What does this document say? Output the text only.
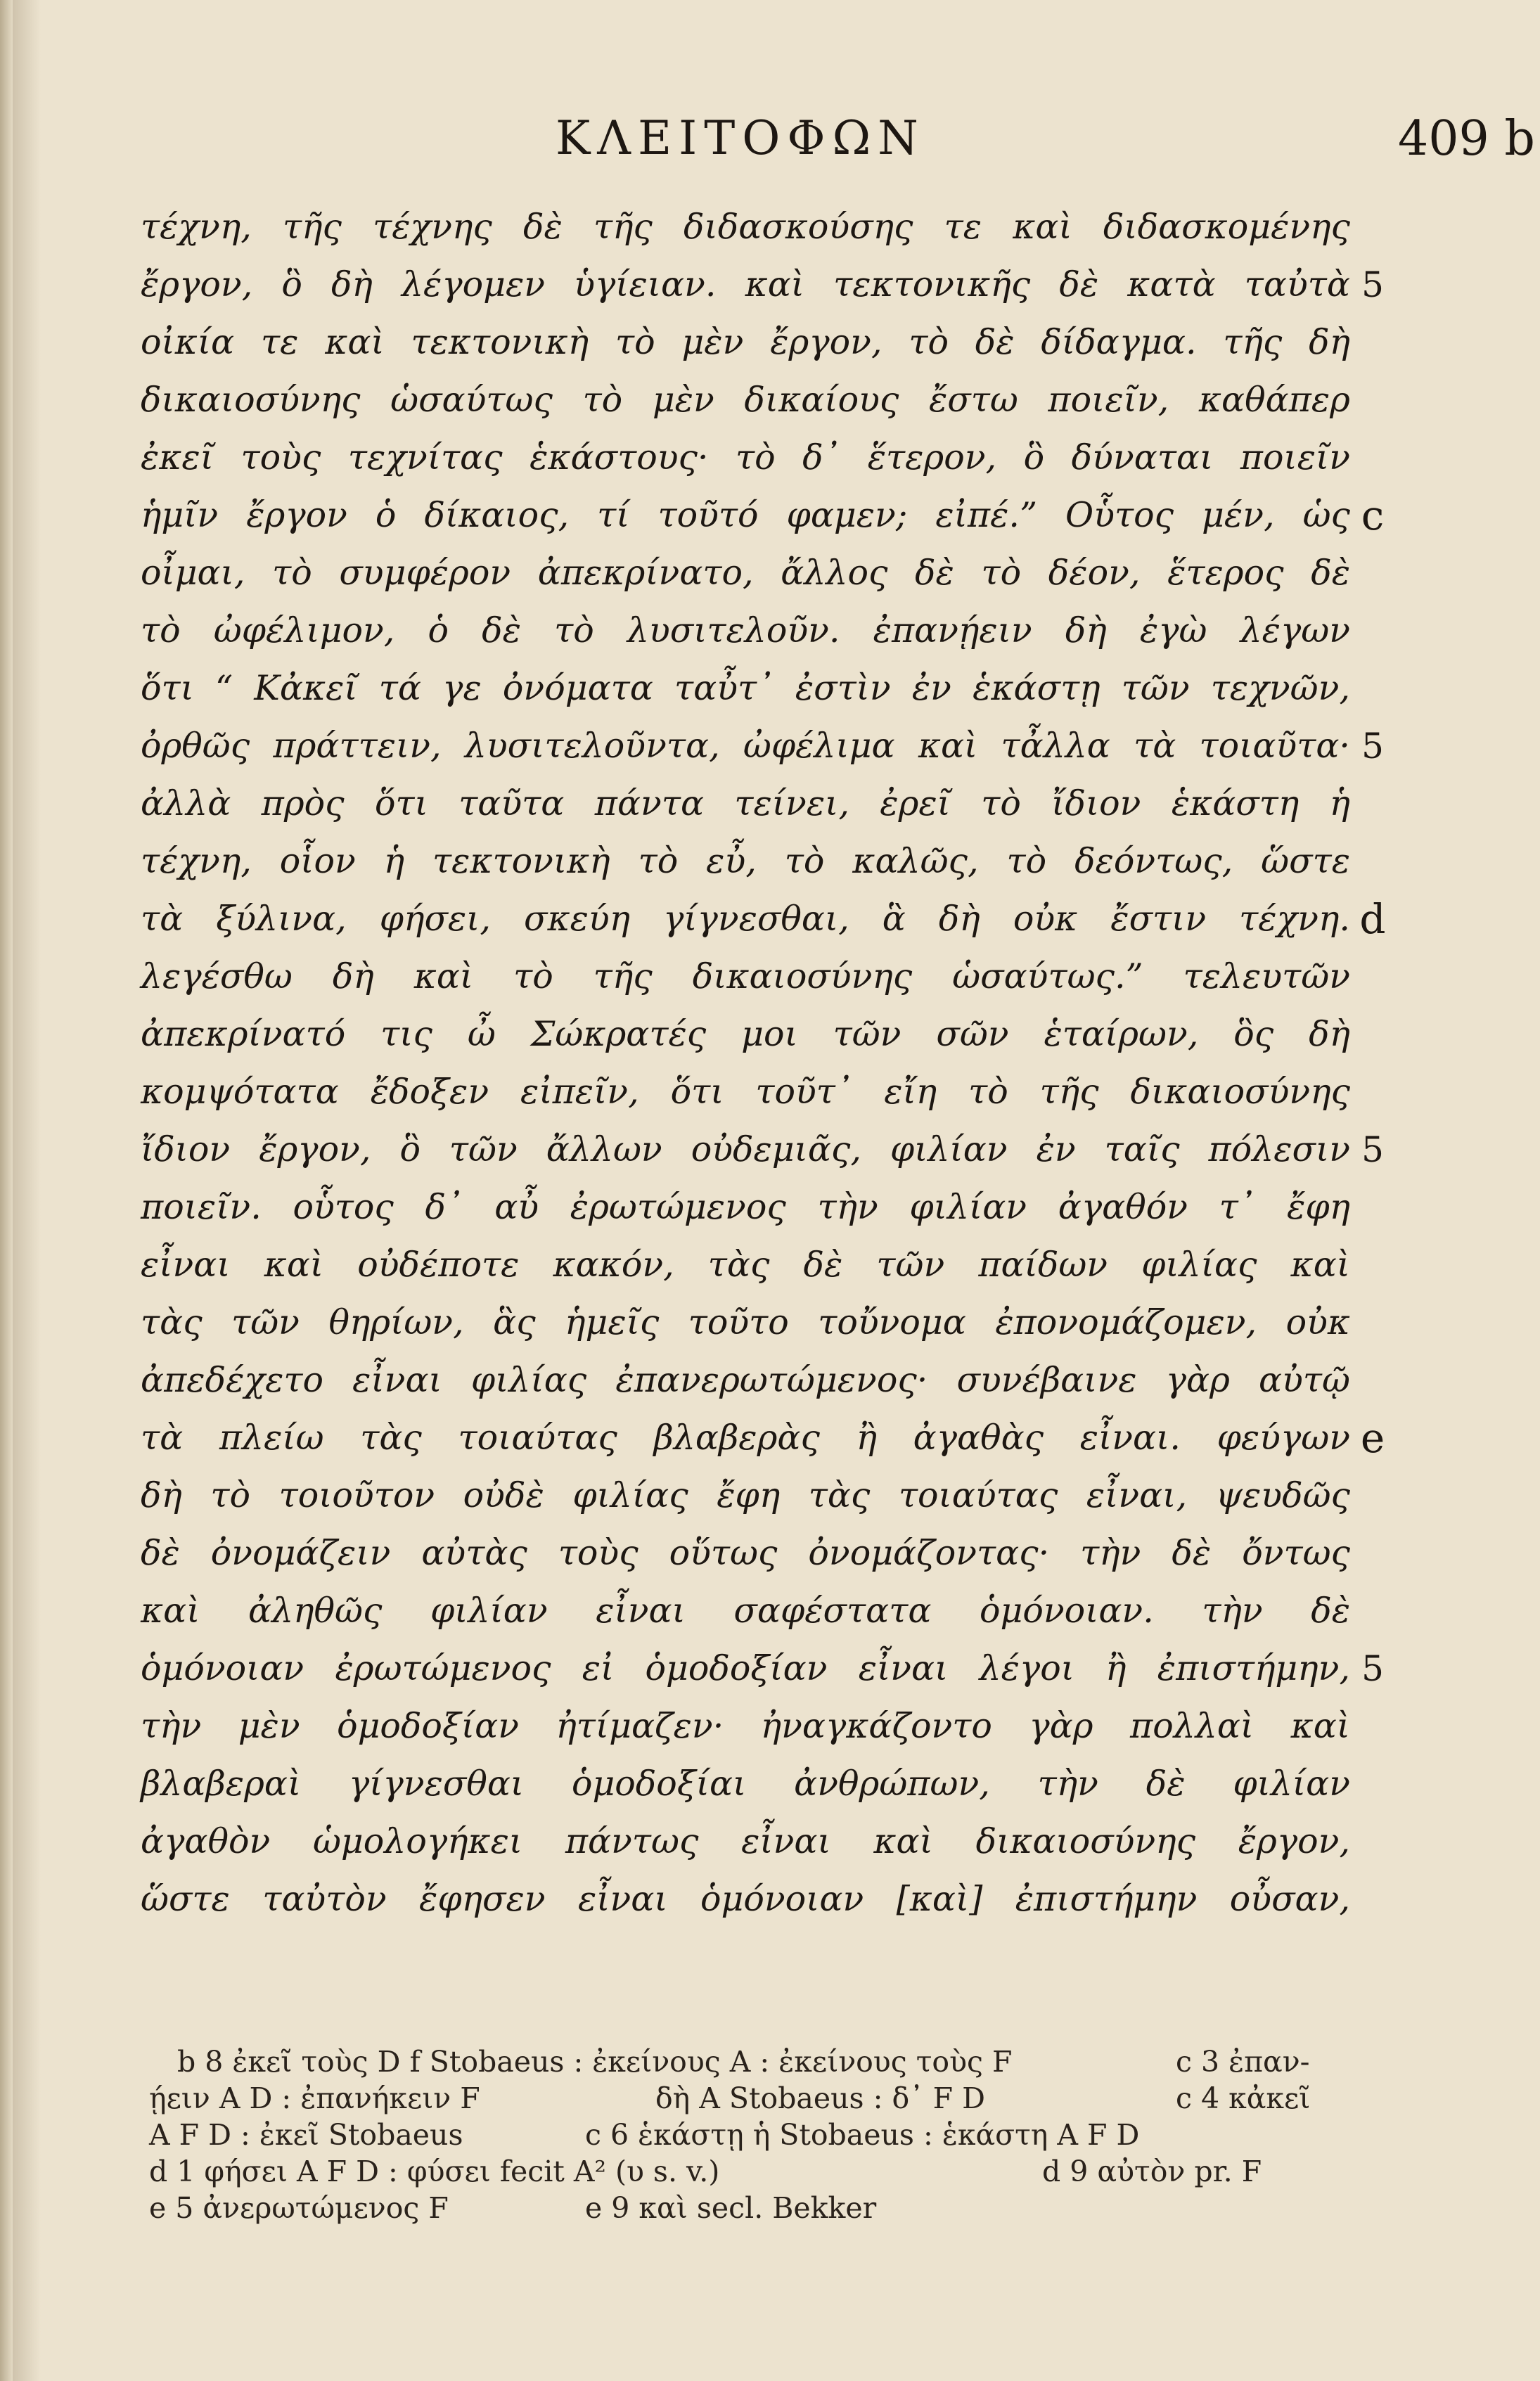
ΚΛΕΙΤΟΦΩΝ	409 b
τέχνη, τῆς τέχνης δὲ τῆς διδασκούσης τε καὶ διδασκομένης
ἔργον, ὃ δὴ λέγομεν ὑγίειαν. καὶ τεκτονικῆς δὲ κατὰ ταὐτὰ
οἰκία τε καὶ τεκτονικὴ τὸ μὲν ἔργον, τὸ δὲ δίδαγμα. τῆς δὴ
δικαιοσύνης ὡσαύτως τὸ μὲν δικαίους ἔστω ποιεῖν, καθάπερ
ἐκεῖ τοὺς τεχνίτας ἑκάστους· τὸ δ᾽ ἕτερον, ὃ δύναται ποιεῖν
ἡμῖν ἔργον ὁ δίκαιος, τί τοῦτό φαμεν; εἰπέ.” Οὗτος μέν, ὡς
οἶμαι, τὸ συμφέρον ἀπεκρίνατο, ἄλλος δὲ τὸ δέον, ἕτερος δὲ
τὸ ὠφέλιμον, ὁ δὲ τὸ λυσιτελοῦν. ἐπανῄειν δὴ ἐγὼ λέγων
ὅτι “ Κἀκεῖ τά γε ὀνόματα ταὖτ᾽ ἐστὶν ἐν ἑκάστῃ τῶν τεχνῶν,
ὀρθῶς πράττειν, λυσιτελοῦντα, ὠφέλιμα καὶ τἆλλα τὰ τοιαῦτα·
ἀλλὰ πρὸς ὅτι ταῦτα πάντα τείνει, ἐρεῖ τὸ ἴδιον ἑκάστη ἡ
τέχνη, οἷον ἡ τεκτονικὴ τὸ εὖ, τὸ καλῶς, τὸ δεόντως, ὥστε
τὰ ξύλινα, φήσει, σκεύη γίγνεσθαι, ἃ δὴ οὐκ ἔστιν τέχνη.
λεγέσθω δὴ καὶ τὸ τῆς δικαιοσύνης ὡσαύτως.” τελευτῶν
ἀπεκρίνατό τις ὦ Σώκρατές μοι τῶν σῶν ἑταίρων, ὃς δὴ
κομψότατα ἔδοξεν εἰπεῖν, ὅτι τοῦτ᾽ εἴη τὸ τῆς δικαιοσύνης
ἴδιον ἔργον, ὃ τῶν ἄλλων οὐδεμιᾶς, φιλίαν ἐν ταῖς πόλεσιν
ποιεῖν. οὗτος δ᾽ αὖ ἐρωτώμενος τὴν φιλίαν ἀγαθόν τ᾽ ἔφη
εἶναι καὶ οὐδέποτε κακόν, τὰς δὲ τῶν παίδων φιλίας καὶ
τὰς τῶν θηρίων, ἃς ἡμεῖς τοῦτο τοὔνομα ἐπονομάζομεν, οὐκ
ἀπεδέχετο εἶναι φιλίας ἐπανερωτώμενος· συνέβαινε γὰρ αὐτῷ
τὰ πλείω τὰς τοιαύτας βλαβερὰς ἢ ἀγαθὰς εἶναι. φεύγων
δὴ τὸ τοιοῦτον οὐδὲ φιλίας ἔφη τὰς τοιαύτας εἶναι, ψευδῶς
δὲ ὀνομάζειν αὐτὰς τοὺς οὕτως ὀνομάζοντας· τὴν δὲ ὄντως
καὶ ἀληθῶς φιλίαν εἶναι σαφέστατα ὁμόνοιαν. τὴν δὲ
ὁμόνοιαν ἐρωτώμενος εἰ ὁμοδοξίαν εἶναι λέγοι ἢ ἐπιστήμην,
τὴν μὲν ὁμοδοξίαν ἠτίμαζεν· ἠναγκάζοντο γὰρ πολλαὶ καὶ
βλαβεραὶ γίγνεσθαι ὁμοδοξίαι ἀνθρώπων, τὴν δὲ φιλίαν
ἀγαθὸν ὡμολογήκει πάντως εἶναι καὶ δικαιοσύνης ἔργον,
ὥστε ταὐτὸν ἔφησεν εἶναι ὁμόνοιαν [καὶ] ἐπιστήμην οὖσαν,
5
c
5
d
5
e
5
b 8 ἐκεῖ τοὺς D f Stobaeus : ἐκείνους A : ἐκείνους τοὺς F	c 3 ἐπαν-
ῄειν A D : ἐπανήκειν F	δὴ A Stobaeus : δ᾽ F D	c 4 κἀκεῖ
A F D : ἐκεῖ Stobaeus	c 6 ἑκάστῃ ἡ Stobaeus : ἑκάστη A F D
d 1 φήσει A F D : φύσει fecit A² (υ s. v.)	d 9 αὐτὸν pr. F
e 5 ἀνερωτώμενος F	e 9 καὶ secl. Bekker
